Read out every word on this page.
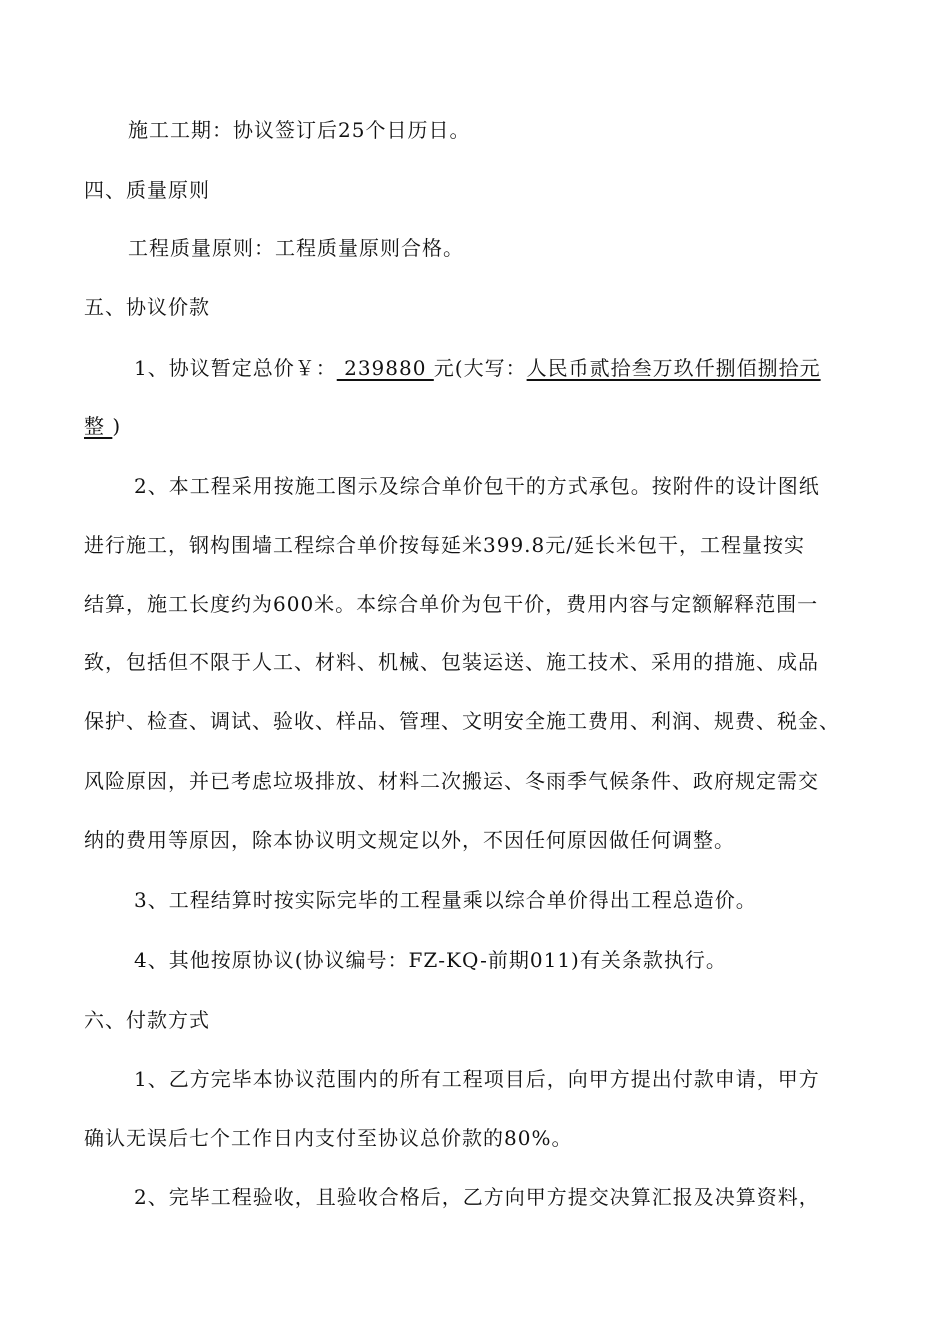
施工工期：协议签订后25个日历日。
四、质量原则
工程质量原则：工程质量原则合格。
五、协议价款
1、协议暂定总价￥： 239880 元(大写：人民币贰拾叁万玖仟捌佰捌拾元
整 )
2、本工程采用按施工图示及综合单价包干的方式承包。按附件的设计图纸
进行施工，钢构围墙工程综合单价按每延米399.8元/延长米包干，工程量按实
结算，施工长度约为600米。本综合单价为包干价，费用内容与定额解释范围一
致，包括但不限于人工、材料、机械、包装运送、施工技术、采用的措施、成品
保护、检查、调试、验收、样品、管理、文明安全施工费用、利润、规费、税金、
风险原因，并已考虑垃圾排放、材料二次搬运、冬雨季气候条件、政府规定需交
纳的费用等原因，除本协议明文规定以外，不因任何原因做任何调整。
3、工程结算时按实际完毕的工程量乘以综合单价得出工程总造价。
4、其他按原协议(协议编号：FZ-KQ-前期011)有关条款执行。
六、付款方式
1、乙方完毕本协议范围内的所有工程项目后，向甲方提出付款申请，甲方
确认无误后七个工作日内支付至协议总价款的80%。
2、完毕工程验收，且验收合格后，乙方向甲方提交决算汇报及决算资料，
